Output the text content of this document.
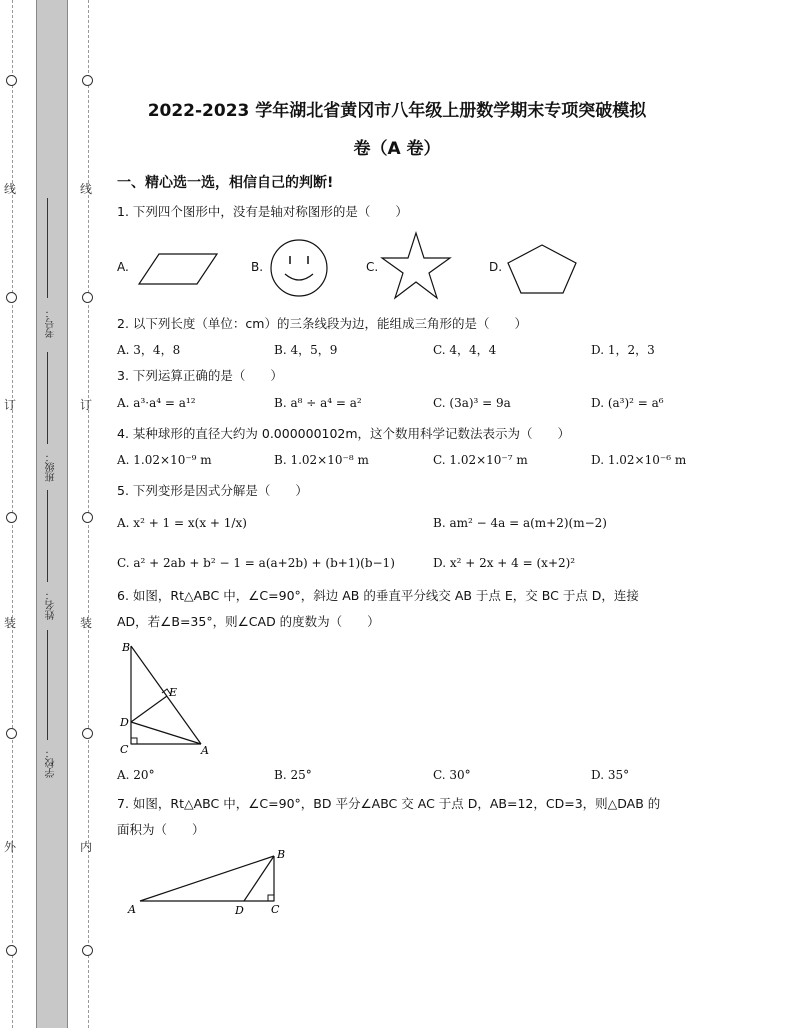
线
订
装
外
线
订
装
内
考号：
班级：
姓名：
学校：
2022-2023 学年湖北省黄冈市八年级上册数学期末专项突破模拟
卷（A 卷）
一、精心选一选，相信自己的判断!
1. 下列四个图形中，没有是轴对称图形的是（　　）
A.	B.	C.	D.
2. 以下列长度（单位：cm）的三条线段为边，能组成三角形的是（　　）
A. 3，4，8	B. 4，5，9	C. 4，4，4	D. 1，2，3
3. 下列运算正确的是（　　）
A. a³·a⁴ = a¹²	B. a⁸ ÷ a⁴ = a²	C. (3a)³ = 9a	D. (a³)² = a⁶
4. 某种球形的直径大约为 0.000000102m，这个数用科学记数法表示为（　　）
A. 1.02×10⁻⁹ m	B. 1.02×10⁻⁸ m	C. 1.02×10⁻⁷ m	D. 1.02×10⁻⁶ m
5. 下列变形是因式分解是（　　）
A. x² + 1 = x(x + 1/x)	B. am² − 4a = a(m+2)(m−2)
C. a² + 2ab + b² − 1 = a(a+2b) + (b+1)(b−1)	D. x² + 2x + 4 = (x+2)²
6. 如图，Rt△ABC 中，∠C=90°，斜边 AB 的垂直平分线交 AB 于点 E，交 BC 于点 D，连接
AD，若∠B=35°，则∠CAD 的度数为（　　）
B
E
D
C	A
A. 20°	B. 25°	C. 30°	D. 35°
7. 如图，Rt△ABC 中，∠C=90°，BD 平分∠ABC 交 AC 于点 D，AB=12，CD=3，则△DAB 的
面积为（　　）
B
A	D C
